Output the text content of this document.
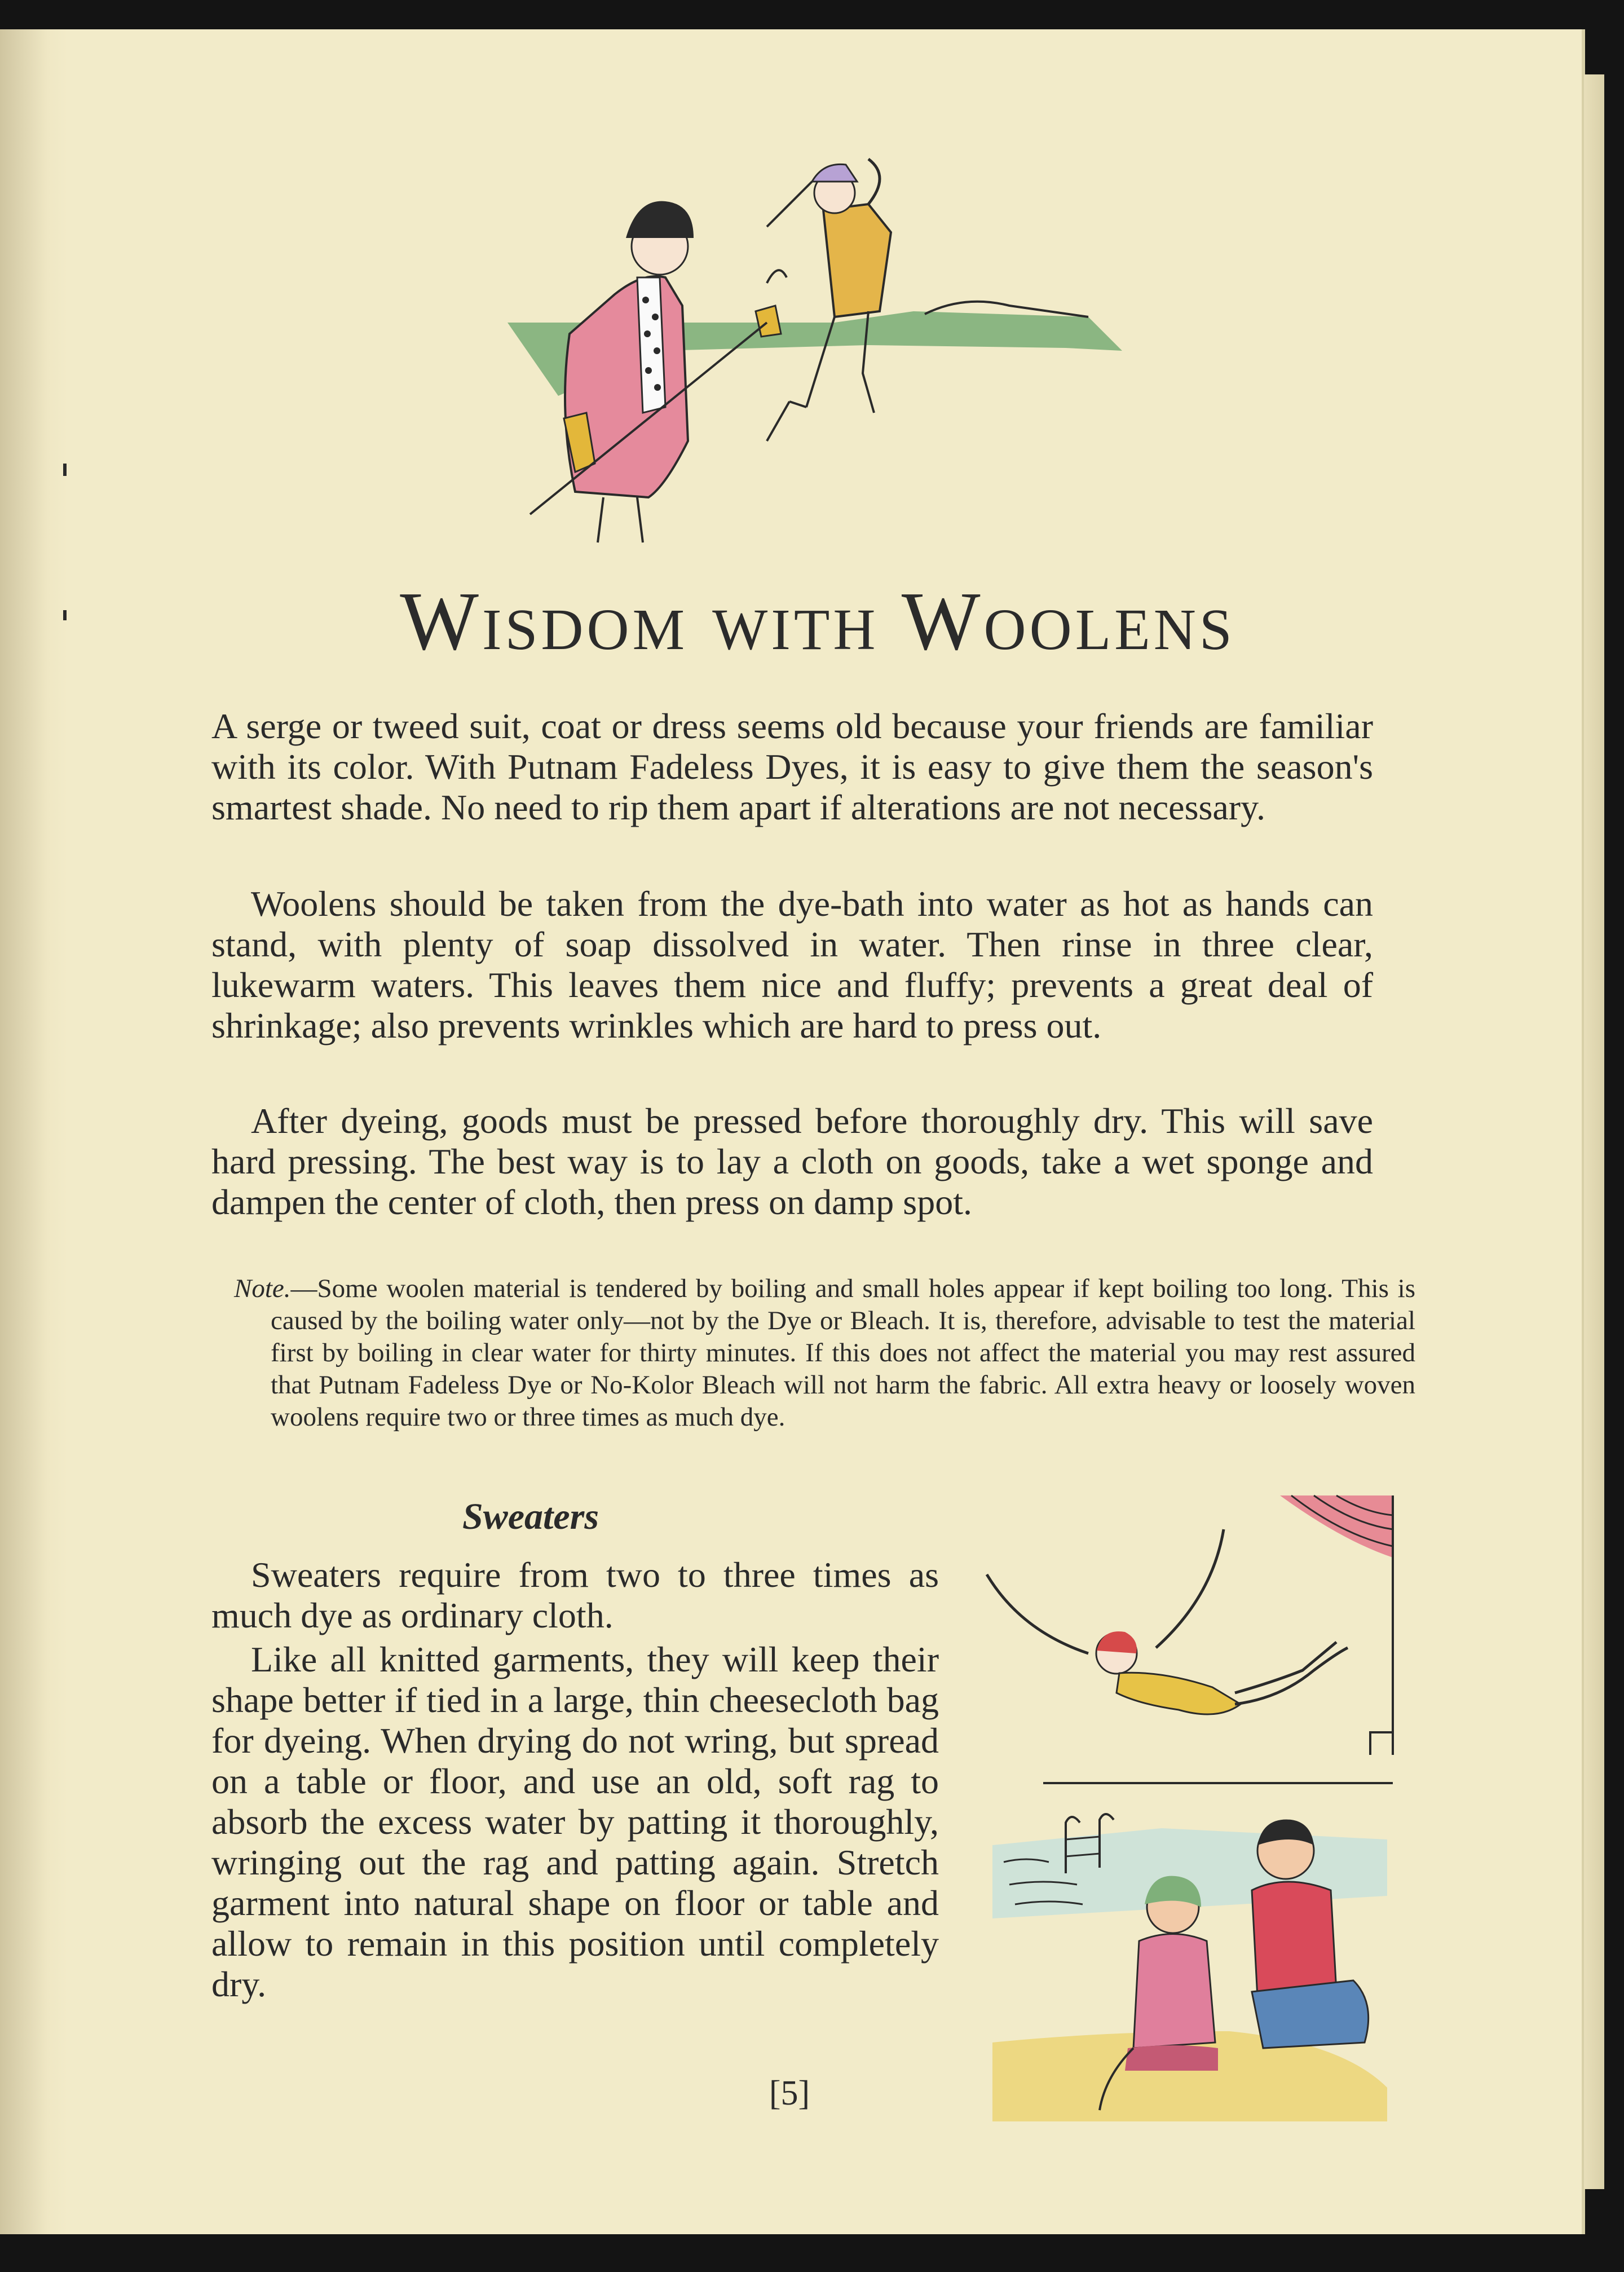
Wisdom with Woolens

A serge or tweed suit, coat or dress seems old because your friends are familiar with its color. With Putnam Fadeless Dyes, it is easy to give them the season's smartest shade. No need to rip them apart if alterations are not necessary.

Woolens should be taken from the dye-bath into water as hot as hands can stand, with plenty of soap dissolved in water. Then rinse in three clear, lukewarm waters. This leaves them nice and fluffy; prevents a great deal of shrinkage; also prevents wrinkles which are hard to press out.

After dyeing, goods must be pressed before thoroughly dry. This will save hard pressing. The best way is to lay a cloth on goods, take a wet sponge and dampen the center of cloth, then press on damp spot.

Note.—Some woolen material is tendered by boiling and small holes appear if kept boiling too long. This is caused by the boiling water only—not by the Dye or Bleach. It is, therefore, advisable to test the material first by boiling in clear water for thirty minutes. If this does not affect the material you may rest assured that Putnam Fadeless Dye or No-Kolor Bleach will not harm the fabric. All extra heavy or loosely woven woolens require two or three times as much dye.

Sweaters

Sweaters require from two to three times as much dye as ordinary cloth.

Like all knitted garments, they will keep their shape better if tied in a large, thin cheesecloth bag for dyeing. When drying do not wring, but spread on a table or floor, and use an old, soft rag to absorb the excess water by patting it thoroughly, wringing out the rag and patting again. Stretch garment into natural shape on floor or table and allow to remain in this position until completely dry.

[5]
